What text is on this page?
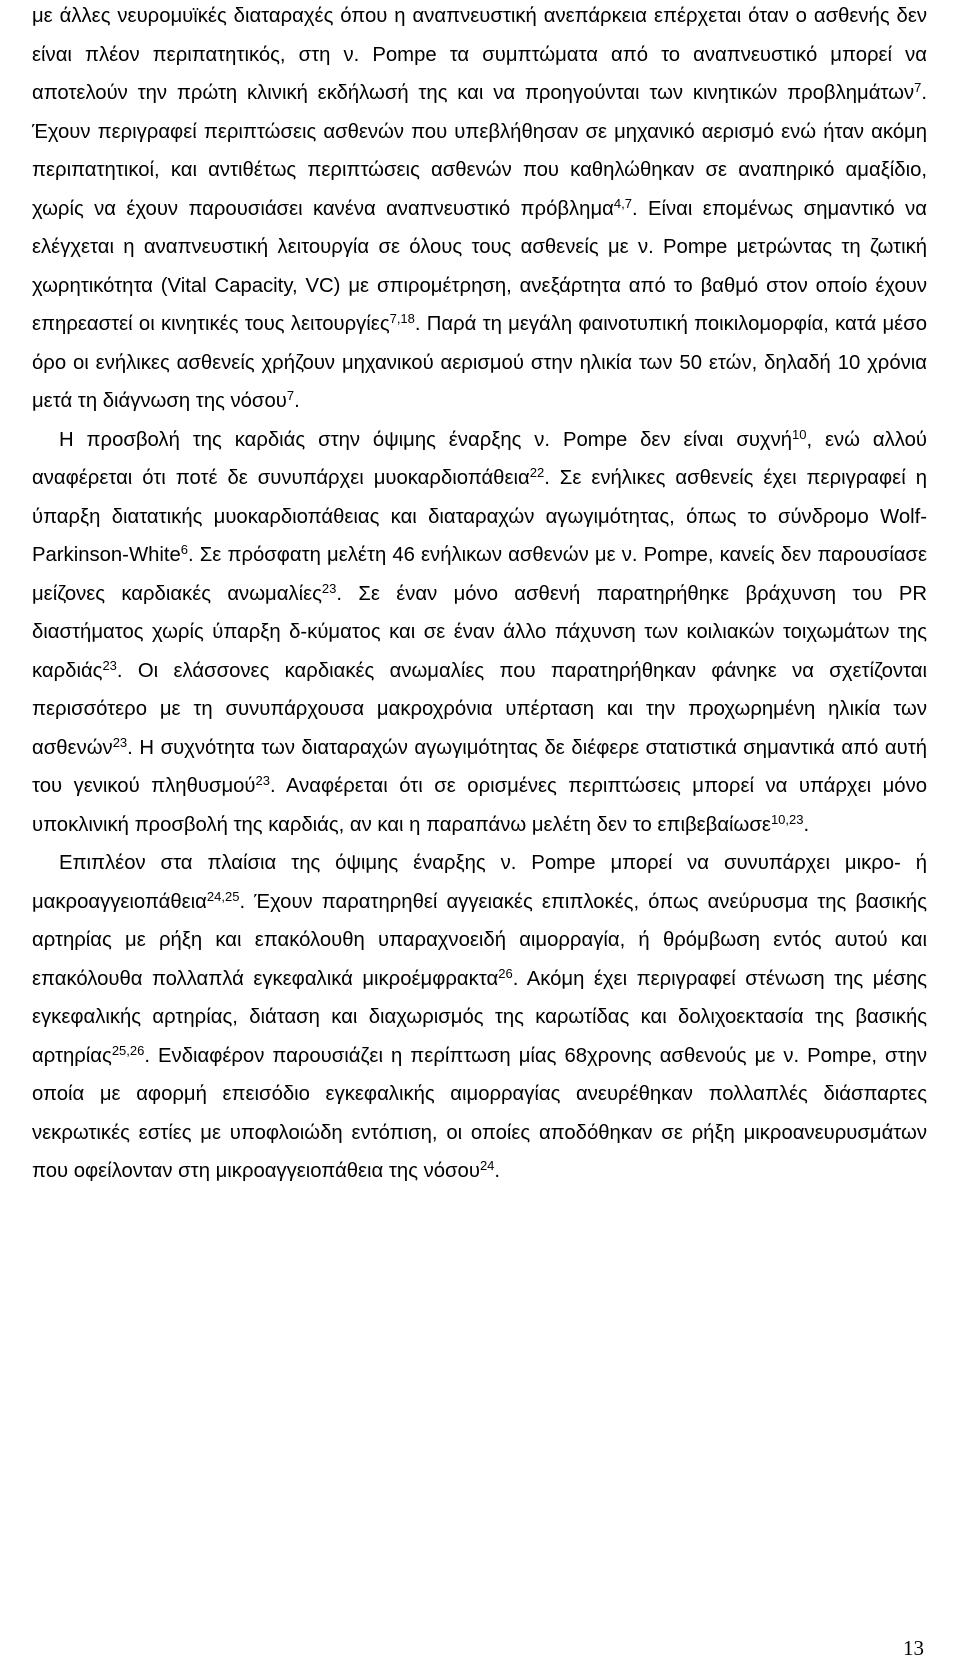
με άλλες νευρομυϊκές διαταραχές όπου η αναπνευστική ανεπάρκεια επέρχεται όταν ο ασθενής δεν είναι πλέον περιπατητικός, στη ν. Pompe τα συμπτώματα από το αναπνευστικό μπορεί να αποτελούν την πρώτη κλινική εκδήλωσή της και να προηγούνται των κινητικών προβλημάτων$^7$. Έχουν περιγραφεί περιπτώσεις ασθενών που υπεβλήθησαν σε μηχανικό αερισμό ενώ ήταν ακόμη περιπατητικοί, και αντιθέτως περιπτώσεις ασθενών που καθηλώθηκαν σε αναπηρικό αμαξίδιο, χωρίς να έχουν παρουσιάσει κανένα αναπνευστικό πρόβλημα$^{4,7}$. Είναι επομένως σημαντικό να ελέγχεται η αναπνευστική λειτουργία σε όλους τους ασθενείς με ν. Pompe μετρώντας τη ζωτική χωρητικότητα (Vital Capacity, VC) με σπιρομέτρηση, ανεξάρτητα από το βαθμό στον οποίο έχουν επηρεαστεί οι κινητικές τους λειτουργίες$^{7,18}$. Παρά τη μεγάλη φαινοτυπική ποικιλομορφία, κατά μέσο όρο οι ενήλικες ασθενείς χρήζουν μηχανικού αερισμού στην ηλικία των 50 ετών, δηλαδή 10 χρόνια μετά τη διάγνωση της νόσου$^7$.

Η προσβολή της καρδιάς στην όψιμης έναρξης ν. Pompe δεν είναι συχνή$^{10}$, ενώ αλλού αναφέρεται ότι ποτέ δε συνυπάρχει μυοκαρδιοπάθεια$^{22}$. Σε ενήλικες ασθενείς έχει περιγραφεί η ύπαρξη διατατικής μυοκαρδιοπάθειας και διαταραχών αγωγιμότητας, όπως το σύνδρομο Wolf-Parkinson-White$^6$. Σε πρόσφατη μελέτη 46 ενήλικων ασθενών με ν. Pompe, κανείς δεν παρουσίασε μείζονες καρδιακές ανωμαλίες$^{23}$. Σε έναν μόνο ασθενή παρατηρήθηκε βράχυνση του PR διαστήματος χωρίς ύπαρξη δ-κύματος και σε έναν άλλο πάχυνση των κοιλιακών τοιχωμάτων της καρδιάς$^{23}$. Οι ελάσσονες καρδιακές ανωμαλίες που παρατηρήθηκαν φάνηκε να σχετίζονται περισσότερο με τη συνυπάρχουσα μακροχρόνια υπέρταση και την προχωρημένη ηλικία των ασθενών$^{23}$. Η συχνότητα των διαταραχών αγωγιμότητας δε διέφερε στατιστικά σημαντικά από αυτή του γενικού πληθυσμού$^{23}$. Αναφέρεται ότι σε ορισμένες περιπτώσεις μπορεί να υπάρχει μόνο υποκλινική προσβολή της καρδιάς, αν και η παραπάνω μελέτη δεν το επιβεβαίωσε$^{10,23}$.

Επιπλέον στα πλαίσια της όψιμης έναρξης ν. Pompe μπορεί να συνυπάρχει μικρο- ή μακροαγγειοπάθεια$^{24,25}$. Έχουν παρατηρηθεί αγγειακές επιπλοκές, όπως ανεύρυσμα της βασικής αρτηρίας με ρήξη και επακόλουθη υπαραχνοειδή αιμορραγία, ή θρόμβωση εντός αυτού και επακόλουθα πολλαπλά εγκεφαλικά μικροέμφρακτα$^{26}$. Ακόμη έχει περιγραφεί στένωση της μέσης εγκεφαλικής αρτηρίας, διάταση και διαχωρισμός της καρωτίδας και δολιχοεκτασία της βασικής αρτηρίας$^{25,26}$. Ενδιαφέρον παρουσιάζει η περίπτωση μίας 68χρονης ασθενούς με ν. Pompe, στην οποία με αφορμή επεισόδιο εγκεφαλικής αιμορραγίας ανευρέθηκαν πολλαπλές διάσπαρτες νεκρωτικές εστίες με υποφλοιώδη εντόπιση, οι οποίες αποδόθηκαν σε ρήξη μικροανευρυσμάτων που οφείλονταν στη μικροαγγειοπάθεια της νόσου$^{24}$.

13
